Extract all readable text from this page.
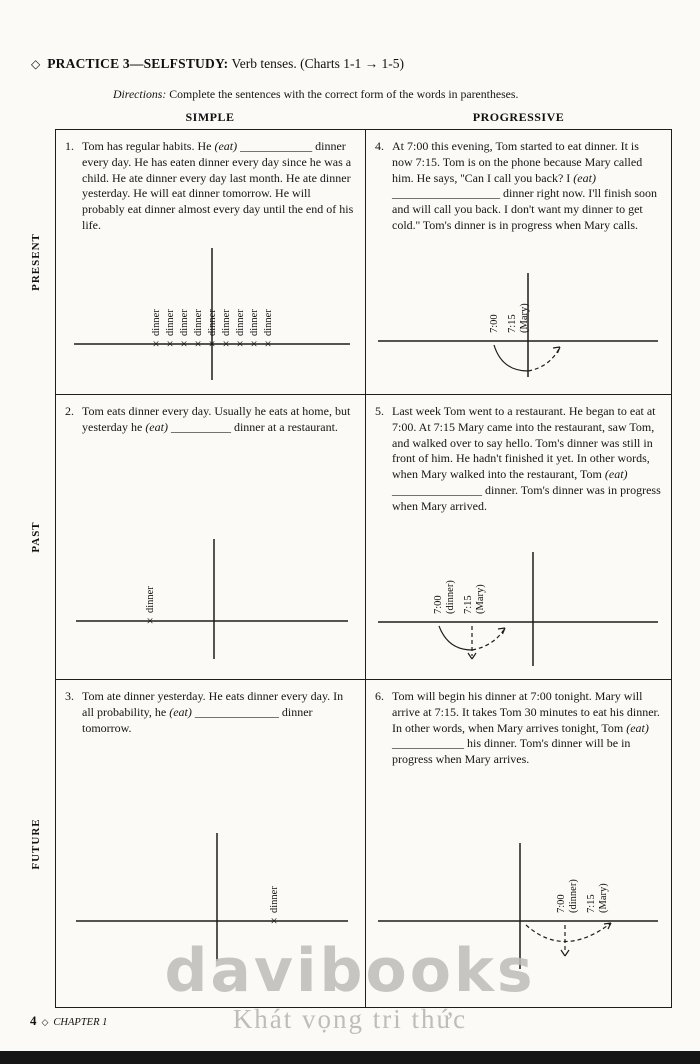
◇ PRACTICE 3—SELFSTUDY: Verb tenses. (Charts 1-1 → 1-5)
Directions: Complete the sentences with the correct form of the words in parentheses.
SIMPLE	PROGRESSIVE
PRESENT
PAST
FUTURE
1. Tom has regular habits. He (eat) ____________ dinner every day. He has eaten dinner every day since he was a child. He ate dinner every day last month. He ate dinner yesterday. He will eat dinner tomorrow. He will probably eat dinner almost every day until the end of his life.
× × × × × × × × ×
dinner dinner dinner dinner dinner dinner dinner dinner dinner
4. At 7:00 this evening, Tom started to eat dinner. It is now 7:15. Tom is on the phone because Mary called him. He says, ''Can I call you back? I (eat) __________________ dinner right now. I'll finish soon and will call you back. I don't want my dinner to get cold.'' Tom's dinner is in progress when Mary calls.
7:00 7:15 (Mary)
2. Tom eats dinner every day. Usually he eats at home, but yesterday he (eat) __________ dinner at a restaurant.
×
dinner
5. Last week Tom went to a restaurant. He began to eat at 7:00. At 7:15 Mary came into the restaurant, saw Tom, and walked over to say hello. Tom's dinner was still in front of him. He hadn't finished it yet. In other words, when Mary walked into the restaurant, Tom (eat) _______________ dinner. Tom's dinner was in progress when Mary arrived.
7:00 (dinner) 7:15 (Mary)
3. Tom ate dinner yesterday. He eats dinner every day. In all probability, he (eat) ______________ dinner tomorrow.
×
dinner
6. Tom will begin his dinner at 7:00 tonight. Mary will arrive at 7:15. It takes Tom 30 minutes to eat his dinner. In other words, when Mary arrives tonight, Tom (eat) ____________ his dinner. Tom's dinner will be in progress when Mary arrives.
7:00 (dinner) 7:15 (Mary)
davibooks
Khát vọng tri thức
4 ◇ CHAPTER 1
